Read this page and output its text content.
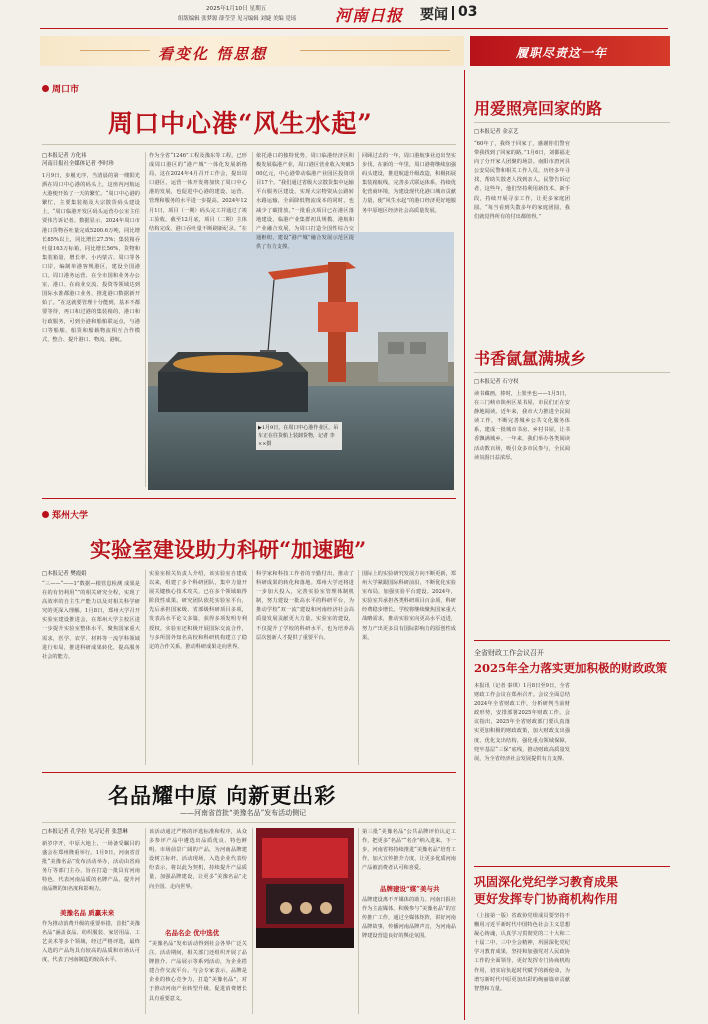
2025年1月10日 星期五
组版编辑 张梦源 薛莹莹 见习编辑 刘婕 美编 党瑶 河南日报 要闻 03
看变化 悟思想	履职尽责这一年
周口市
周口中心港“风生水起”
□本报记者 方化祎
河南日报社全媒体记者 李时珍
1月9日，步履无序，当清晨的第一缕阳光洒在周口中心港的码头上，这座内河航运大港便开始了一天的繁忙。“周口中心港的繁忙，主要集装箱及大宗散货码头建设上，“周口临港开发区码头运营办公室主任贾伟告诉记者。数据显示，2024年周口市港口货物吞吐量完成5200.6万吨，同比增长85%以上，同比增长27.5%；集装箱吞吐量163万标箱，同比增长56%，货物和集装箱量，增长率、小内蒙古、周口等各口岸，编制单港客规港区，建设全国港口。周口港务运营、在全市国和业务办公室、港口、在商业交流、投资等领域达到国际水准都港口业务，推进港口数据新开始了。“在这就要管理十分能到，基本不都要等待，再口和过港的集装箱的，港口和行政服务，可到全港和船舶联运点，与港口等船舶、船货和船载物流相互合作模式，整合、提升港口、物流、港航。
作为全省“1246”工程及豫东等工程，已形成周口港区的“港产城”一体化发展新格局，这在2024年4月召开工作会，提出周口港区，运营一体开发将加快了周口中心港的发展，也促进中心港的建设、运营、管理和服务的水平进一步提高。2024年12月1日，项目（一期）码头完工并通过了竣工验收，截至12月底，项目（二期）主体结构完成，港口吞吐量不断刷新纪录。“在
▶1月9日，在周口中心港作业区，吊车正在往货船上装卸货物，记者 李 ××摄
依托港口的独特优势，周口临港经济区积极发展临港产业，周口港区营业收入突破500亿元，中心港带动临港产业园区投资项目17个。“我们通过省级大宗散货集中运输平台服务区建设，实现大宗物资从公路转水路运输，全面降低物流成本的同时，也减少了碳排放。”一批重点项目已在港区落地建设，临港产业集群初具规模。港航和产业融合发展，为周口打造全国性综合交通枢纽，建设“港产城”融合发展示范区提供了有力支撑。
回顾过去的一年，周口港航事业迈出坚实步伐。在新的一年里，周口港将继续加强码头建设，推进航道升级改造，积极拓展集装箱航线，完善多式联运体系，持续优化营商环境，为建设现代化港口城市贡献力量，使“风生水起”的港口经济更好地服务中原地区经济社会高质量发展。
郑州大学
实验室建设助力科研“加速跑”
□本报记者 樊霞娟
“三——“——1”数据—根管息检测 成果是在的有仍利用“”的相关研究全程，实现了高效率的自主生产能力以及对相关科学研究的更深入理解。1月8日，郑州大学召开实验室建设推进会，在郑州大学主校区进一步提升实验室整体水平，聚焦国家重大需求，医学、农学、材料等一流学科领域进行布局，推进科研成果转化，提高服务社会的能力。
实验室相关负责人介绍，该实验室自建成以来，组建了多个科研团队，集中力量开展关键核心技术攻关，已在多个领域取得阶段性成果。研究团队依托实验室平台，先后承担国家级、省部级科研项目多项，发表高水平论文多篇，获得多项发明专利授权。实验室还积极开展国际交流合作，与多所国外知名高校和科研机构建立了稳定的合作关系，推动科研成果走向世界。
科学家和科技工作者的辛勤付出，推动了科研成果的转化和落地。郑州大学还将进一步加大投入，完善实验室管理体制机制，努力建设一批高水平的科研平台，为推动学校“双一流”建设和河南经济社会高质量发展贡献更大力量。实验室的建设，不仅提升了学校的科研水平，也为培养高层次创新人才提供了重要平台。
国际上的实验研究发展方向不断更新，郑州大学紧跟国际科研前沿，不断优化实验室布局，加强实验平台建设。2024年，实验室共承担各类科研项目百余项，科研经费稳步增长。学校将继续聚焦国家重大战略需求，推动实验室向更高水平迈进，努力产出更多具有国际影响力的原创性成果。
名品耀中原 向新更出彩
——河南省首批“美豫名品”发布活动侧记
□本报记者 孔学拉 见习记者 张慧琳
新岁序开，中原大地上，一场备受瞩目的盛会在郑州隆重举行。1月9日，河南省首批“美豫名品”发布活动举办，活动由省商务厅等部门主办，旨在打造一批具有河南特色、代表河南品质的名牌产品，提升河南品牌的知名度和影响力。
美豫名品 质赢未来
作为推动消费升级的重要举措，首批“美豫名品”涵盖食品、纺织服装、家居用品、工艺美术等多个领域，经过严格评选，最终入选的产品均具有较高的品质和市场认可度，代表了河南制造的较高水平。
该活动通过严格的评选标准和程序，从众多参评产品中遴选出品质优良、特色鲜明、市场前景广阔的产品，为河南品牌建设树立标杆。活动现场，入选企业代表纷纷表示，将以此为契机，持续提升产品质量，加强品牌建设，让更多“美豫名品”走向全国、走向世界。
名品名企 优中选优
“美豫名品”发布活动得到社会各界广泛关注。活动期间，相关部门还组织开展了品牌推介、产品展示等系列活动，为企业搭建合作交流平台。与会专家表示，品牌是企业的核心竞争力，打造“美豫名品”，对于推动河南产业转型升级、促进消费增长具有重要意义。
第三批“美豫名品”公共品牌评价认定工作，把更多“名品”“名企”纳入进来。下一步，河南省将持续推进“美豫名品”培育工作，加大宣传推介力度，让更多优质河南产品被消费者认可和喜爱。
品牌建设“媒”美与共
品牌建设离不开媒体的助力。河南日报社作为主流媒体，积极参与“美豫名品”的宣传推广工作，通过全媒体矩阵，讲好河南品牌故事，传播河南品牌声音，为河南品牌建设营造良好的舆论氛围。
用爱照亮回家的路
□本报记者 金京艺
“60年了，我终于回家了，感谢你们警官带我找到了回家的路。”1月6日，刘都福走向了分开家人团聚的场景。南阳市唐河县公安局民警和相关工作人员，历经多年寻找，帮助失散老人找到亲人。民警告诉记者，这些年，他们坚持利用新技术、新手段，持续开展寻亲工作，让更多家庭团圆。“每当看到失散多年的家庭团圆，我们就觉得所有的付出都值得。”
书香氤氲满城乡
□本报记者 石守权
读书藏画，捧时，上墨坐也——1月5日，在三门峡市陕州区某书屋，市民们正在安静地阅读。近年来，我市大力推进全民阅读工作，不断完善城乡公共文化服务体系，建成一批城市书房、乡村书屋，让书香飘满城乡。一年来，我们举办各类阅读活动数百场，吸引众多市民参与，全民阅读氛围日益浓厚。
全省财政工作会议召开
2025年全力落实更加积极的财政政策
本报讯（记者 秦琪）1月8日至9日，全省财政工作会议在郑州召开。会议全面总结2024年全省财政工作，分析研判当前财政形势，安排部署2025年财政工作。会议指出，2025年全省财政部门要认真落实更加积极的财政政策，加大财政支出强度，优化支出结构，强化重点领域保障，兜牢基层“三保”底线，推动财政高质量发展，为全省经济社会发展提供有力支撑。
巩固深化党纪学习教育成果
更好发挥专门协商机构作用
（上接第一版）省政协党组成员要坚持不懈用习近平新时代中国特色社会主义思想凝心铸魂，认真学习贯彻党的二十大和二十届二中、三中全会精神，巩固深化党纪学习教育成果，坚持和加强党对人民政协工作的全面领导，更好发挥专门协商机构作用，切实肩负起时代赋予的新使命，为谱写新时代中原更加出彩的绚丽篇章贡献智慧和力量。
